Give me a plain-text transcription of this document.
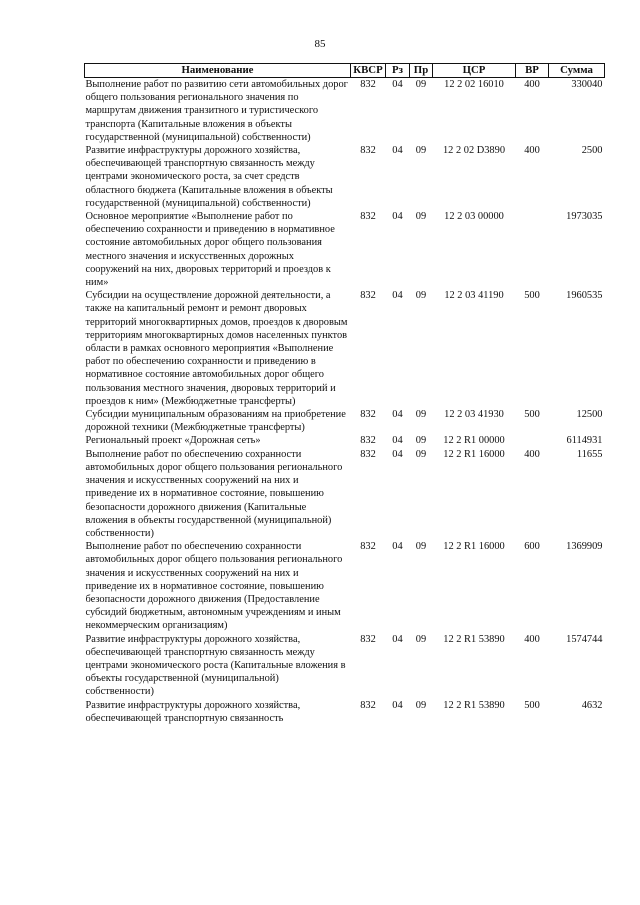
85
Наименование	КВСР	Рз	Пр	ЦСР	ВР	Сумма
Выполнение работ по развитию сети автомобильных дорог общего пользования регионального значения по маршрутам движения транзитного и туристического транспорта (Капитальные вложения в объекты государственной (муниципальной) собственности)	832	04	09	12 2 02 16010	400	330040
Развитие инфраструктуры дорожного хозяйства, обеспечивающей транспортную связанность между центрами экономического роста, за счет средств областного бюджета (Капитальные вложения в объекты государственной (муниципальной) собственности)	832	04	09	12 2 02 D3890	400	2500
Основное мероприятие «Выполнение работ по обеспечению сохранности и приведению в нормативное состояние автомобильных дорог общего пользования местного значения и искусственных дорожных сооружений на них, дворовых территорий и проездов к ним»	832	04	09	12 2 03 00000		1973035
Субсидии на осуществление дорожной деятельности, а также на капитальный ремонт и ремонт дворовых территорий многоквартирных домов, проездов к дворовым территориям многоквартирных домов населенных пунктов области в рамках основного мероприятия «Выполнение работ по обеспечению сохранности и приведению в нормативное состояние автомобильных дорог общего пользования местного значения, дворовых территорий и проездов к ним» (Межбюджетные трансферты)	832	04	09	12 2 03 41190	500	1960535
Субсидии муниципальным образованиям на приобретение дорожной техники (Межбюджетные трансферты)	832	04	09	12 2 03 41930	500	12500
Региональный проект «Дорожная сеть»	832	04	09	12 2 R1 00000		6114931
Выполнение работ по обеспечению сохранности автомобильных дорог общего пользования регионального значения и искусственных сооружений на них и приведение их в нормативное состояние, повышению безопасности дорожного движения (Капитальные вложения в объекты государственной (муниципальной) собственности)	832	04	09	12 2 R1 16000	400	11655
Выполнение работ по обеспечению сохранности автомобильных дорог общего пользования регионального значения и искусственных сооружений на них и приведение их в нормативное состояние, повышению безопасности дорожного движения (Предоставление субсидий бюджетным, автономным учреждениям и иным некоммерческим организациям)	832	04	09	12 2 R1 16000	600	1369909
Развитие инфраструктуры дорожного хозяйства, обеспечивающей транспортную связанность между центрами экономического роста (Капитальные вложения в объекты государственной (муниципальной) собственности)	832	04	09	12 2 R1 53890	400	1574744
Развитие инфраструктуры дорожного хозяйства, обеспечивающей транспортную связанность	832	04	09	12 2 R1 53890	500	4632
